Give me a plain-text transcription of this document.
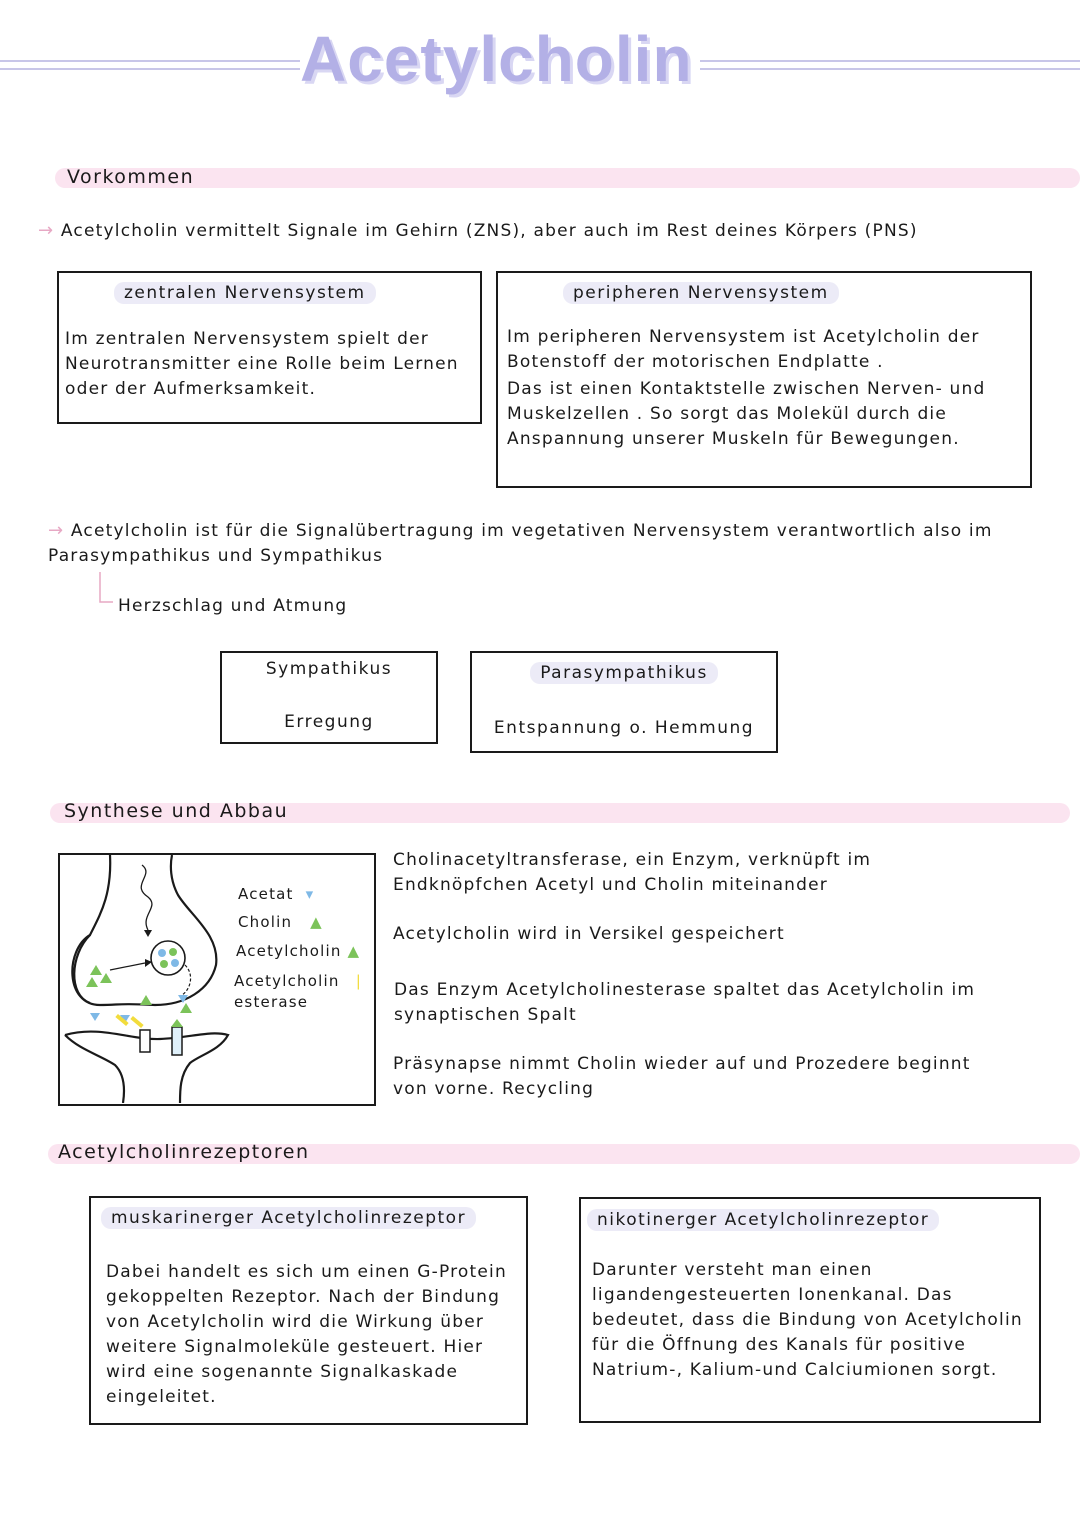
Acetylcholin
Vorkommen
→ Acetylcholin vermittelt Signale im Gehirn (ZNS), aber auch im Rest deines Körpers (PNS)
zentralen Nervensystem
Im zentralen Nervensystem spielt der Neurotransmitter eine Rolle beim Lernen oder der Aufmerksamkeit.
peripheren Nervensystem
Im peripheren Nervensystem ist Acetylcholin der Botenstoff der motorischen Endplatte .
Das ist einen Kontaktstelle zwischen Nerven- und Muskelzellen . So sorgt das Molekül durch die Anspannung unserer Muskeln für Bewegungen.
→ Acetylcholin ist für die Signalübertragung im vegetativen Nervensystem verantwortlich also im Parasympathikus und Sympathikus
Herzschlag und Atmung
Sympathikus
Erregung
Parasympathikus
Entspannung o. Hemmung
Synthese und Abbau
Acetat  ▾
Cholin   ▲
Acetylcholin ▲
Acetylcholin  ❘
esterase
Cholinacetyltransferase, ein Enzym, verknüpft im Endknöpfchen Acetyl und Cholin miteinander
Acetylcholin wird in Versikel gespeichert
Das Enzym Acetylcholinesterase spaltet das Acetylcholin im synaptischen Spalt
Präsynapse nimmt Cholin wieder auf und Prozedere beginnt von vorne. Recycling
Acetylcholinrezeptoren
muskarinerger Acetylcholinrezeptor
Dabei handelt es sich um einen G-Protein gekoppelten Rezeptor. Nach der Bindung von Acetylcholin wird die Wirkung über weitere Signalmoleküle gesteuert. Hier wird eine sogenannte Signalkaskade eingeleitet.
nikotinerger Acetylcholinrezeptor
Darunter versteht man einen ligandengesteuerten Ionenkanal. Das bedeutet, dass die Bindung von Acetylcholin für die Öffnung des Kanals für positive Natrium-, Kalium-und Calciumionen sorgt.
